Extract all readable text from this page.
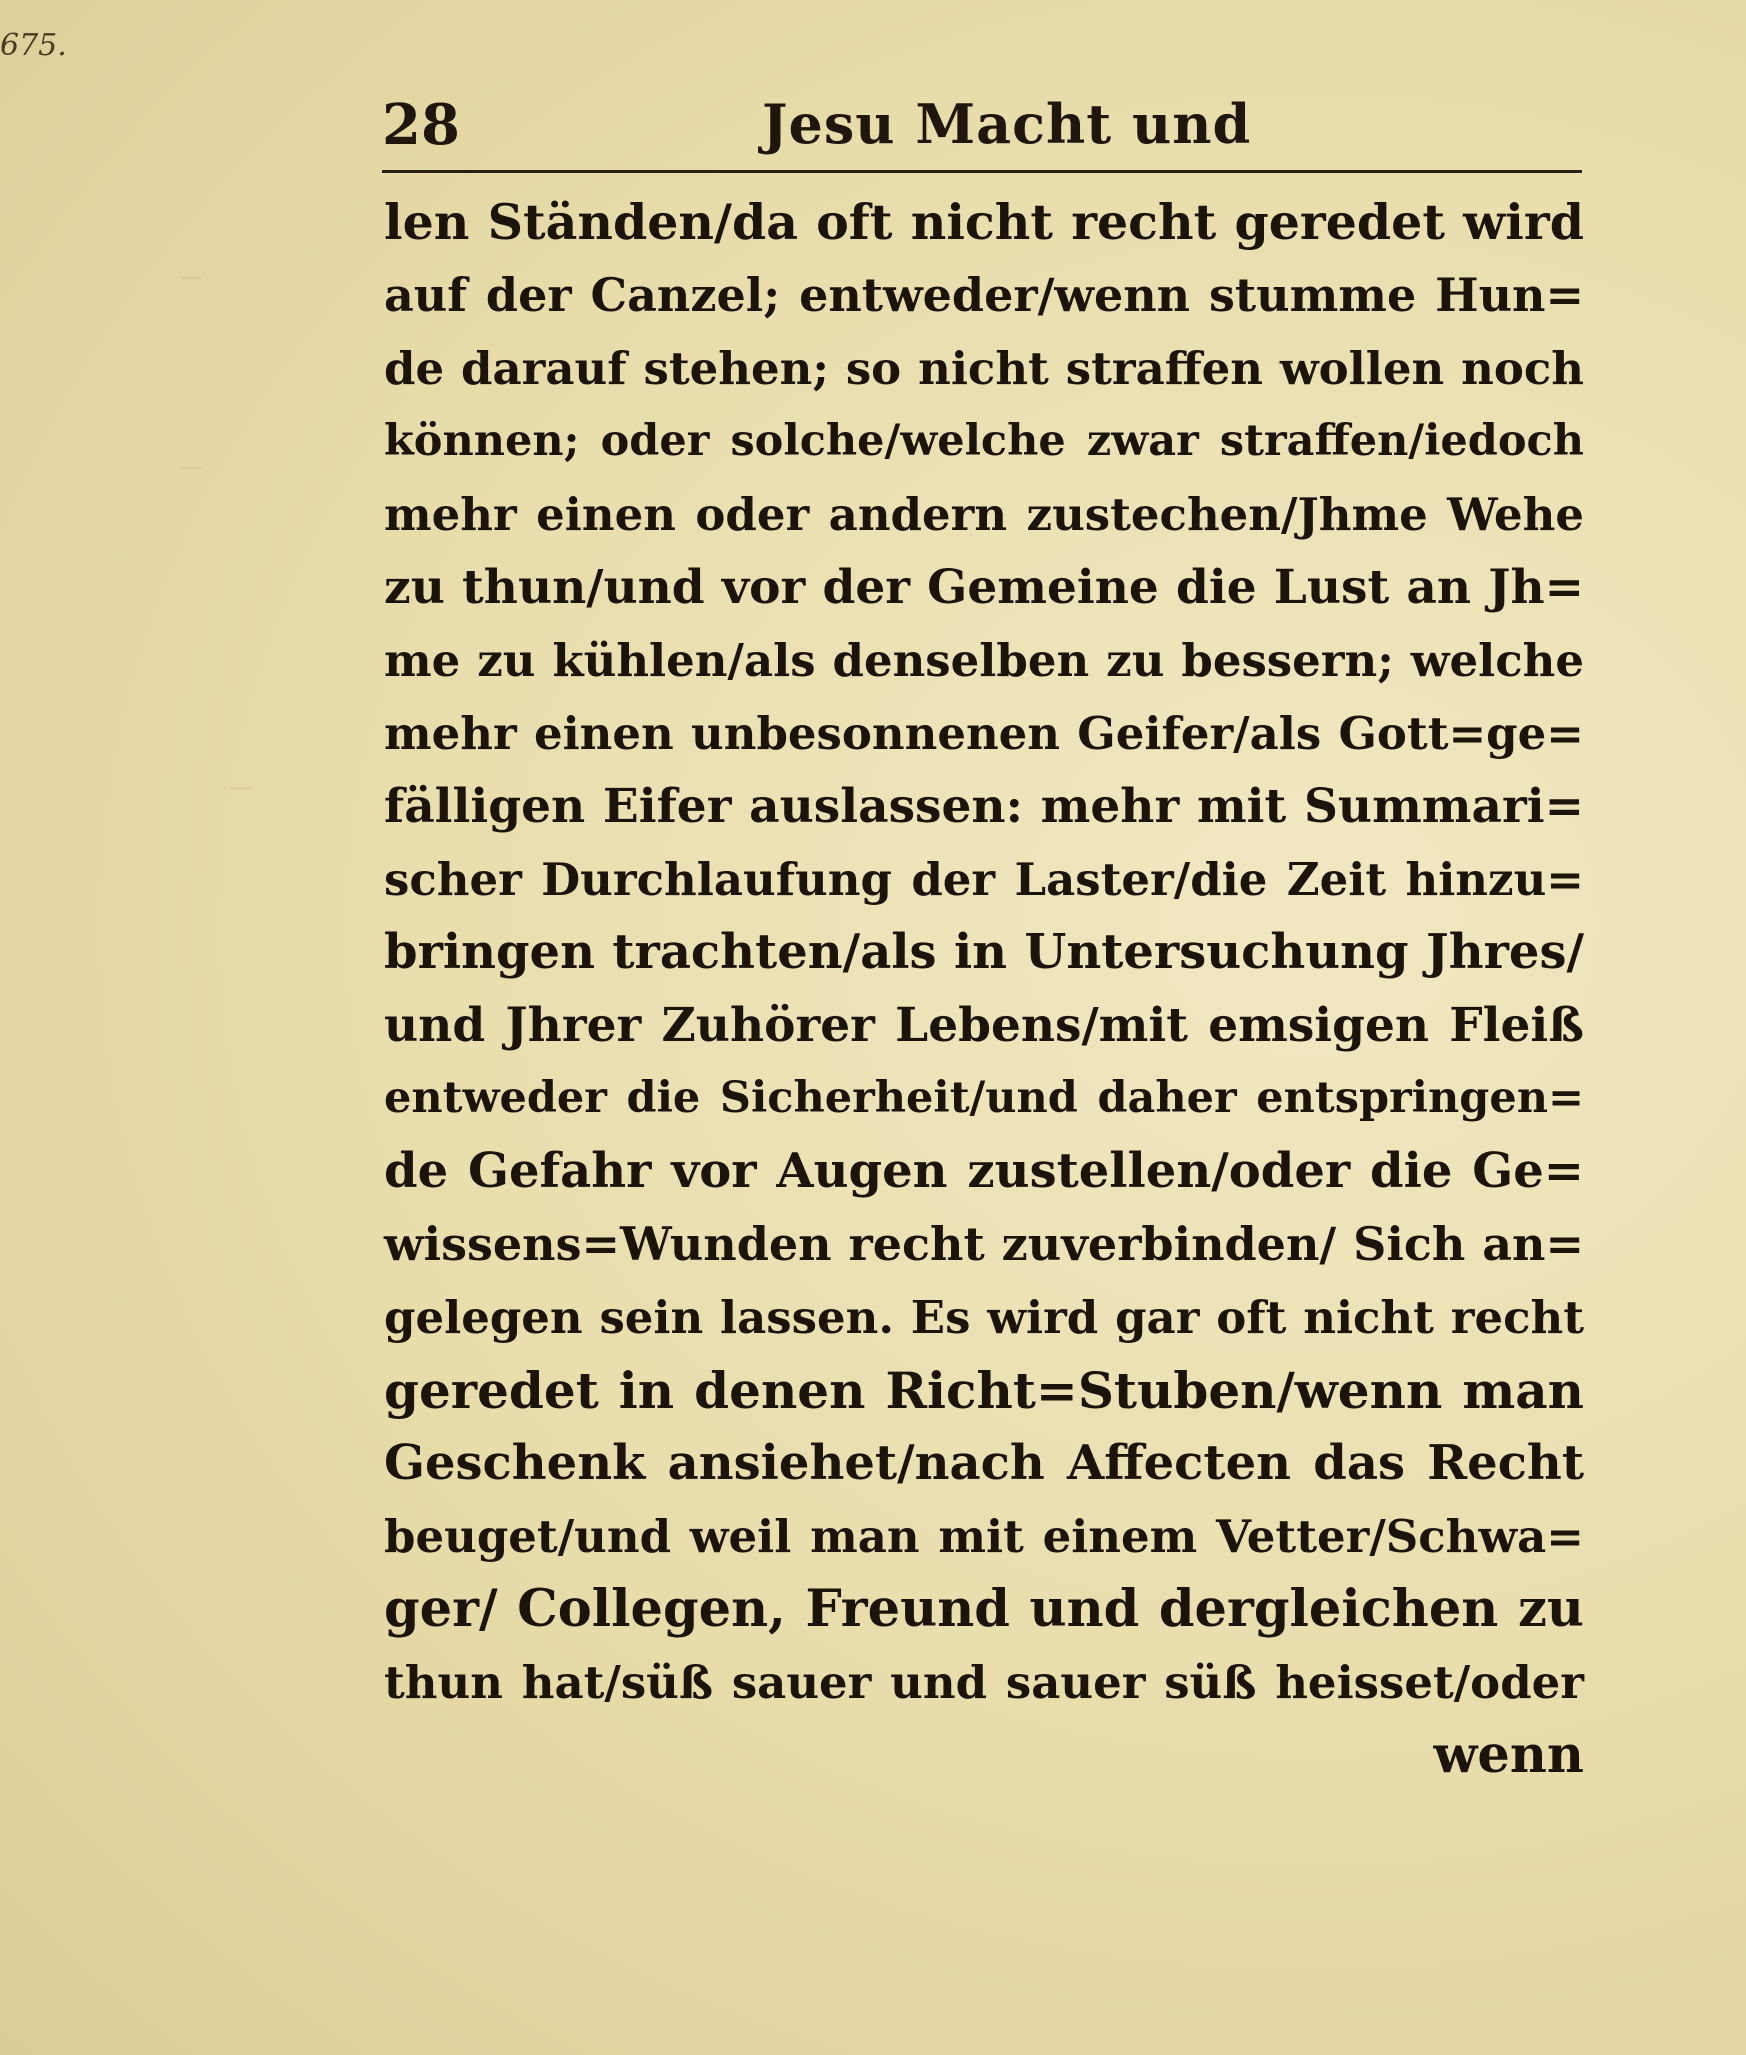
—
—
—
675.
28	Jesu Macht und
len Ständen/da oft nicht recht geredet wird
auf der Canzel; entweder/wenn stumme Hun=
de darauf stehen; so nicht straffen wollen noch
können; oder solche/welche zwar straffen/iedoch
mehr einen oder andern zustechen/Jhme Wehe
zu thun/und vor der Gemeine die Lust an Jh=
me zu kühlen/als denselben zu bessern; welche
mehr einen unbesonnenen Geifer/als Gott=ge=
fälligen Eifer auslassen: mehr mit Summari=
scher Durchlaufung der Laster/die Zeit hinzu=
bringen trachten/als in Untersuchung Jhres/
und Jhrer Zuhörer Lebens/mit emsigen Fleiß
entweder die Sicherheit/und daher entspringen=
de Gefahr vor Augen zustellen/oder die Ge=
wissens=Wunden recht zuverbinden/ Sich an=
gelegen sein lassen. Es wird gar oft nicht recht
geredet in denen Richt=Stuben/wenn man
Geschenk ansiehet/nach Affecten das Recht
beuget/und weil man mit einem Vetter/Schwa=
ger/ Collegen, Freund und dergleichen zu
thun hat/süß sauer und sauer süß heisset/oder
wenn
